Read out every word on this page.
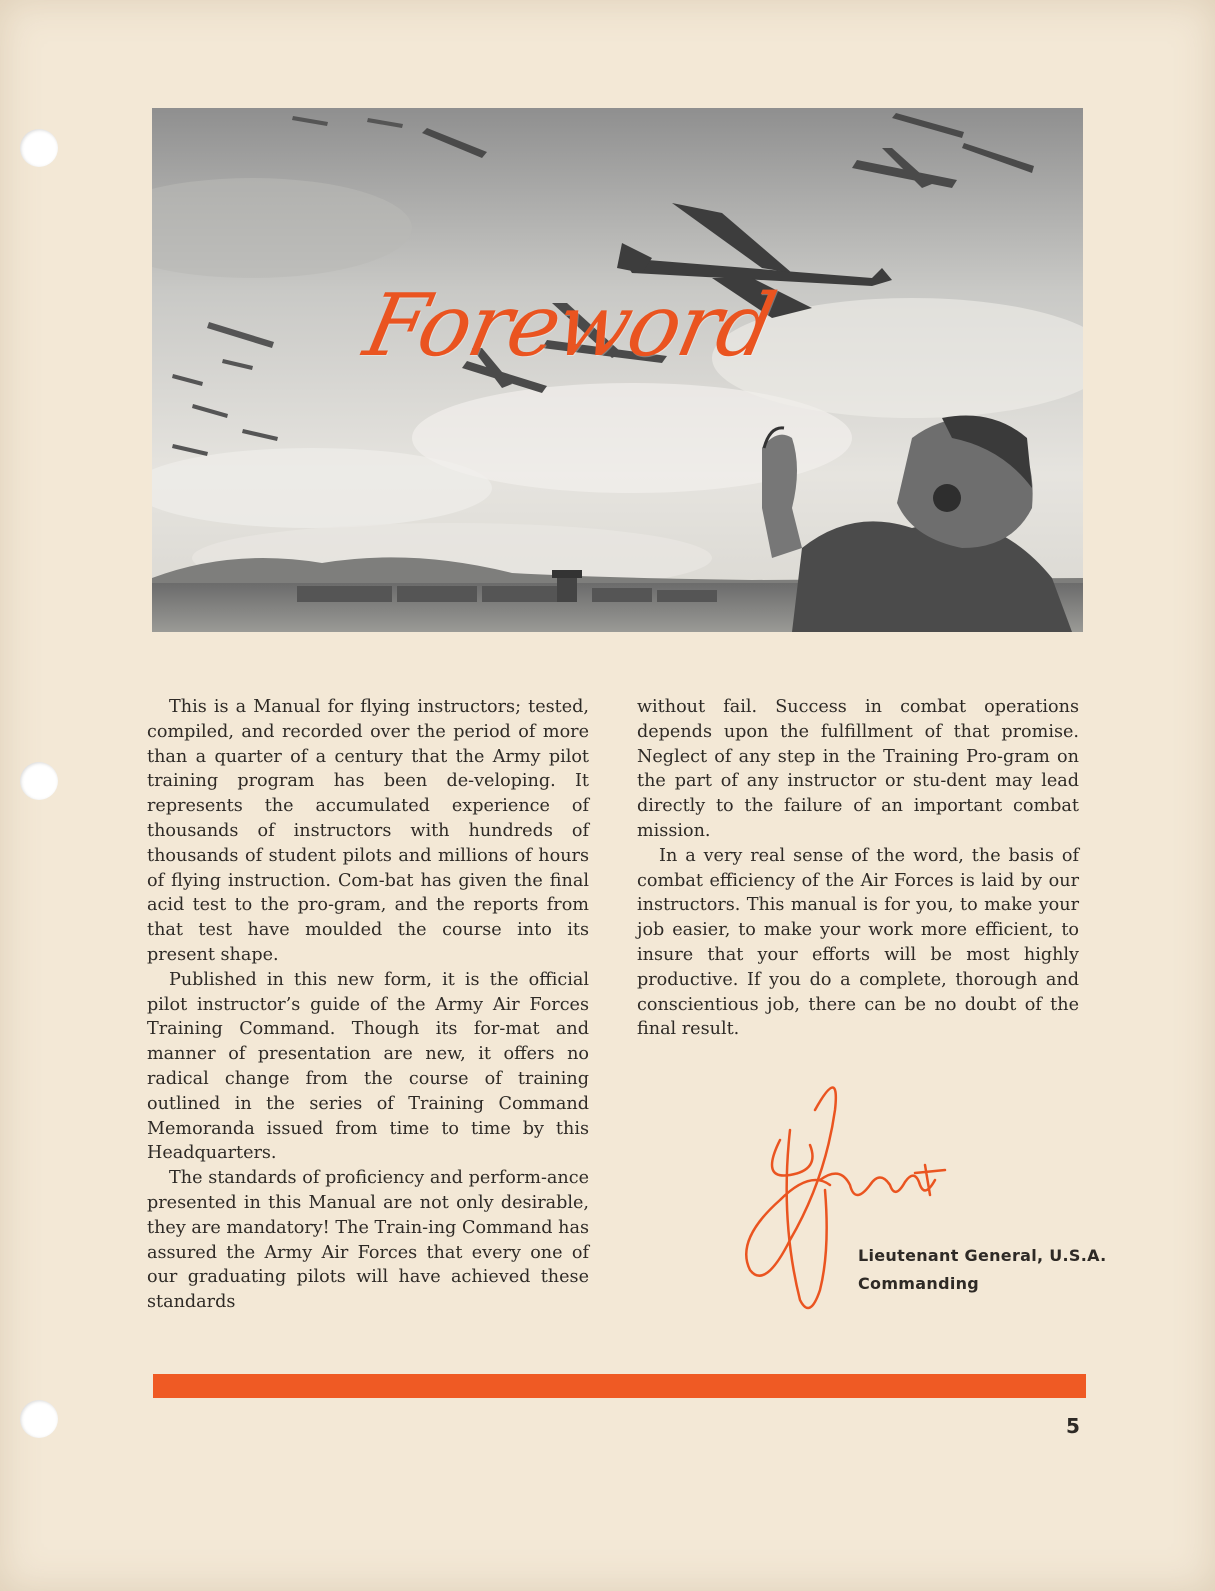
Foreword

This is a Manual for flying instructors; tested, compiled, and recorded over the period of more than a quarter of a century that the Army pilot training program has been de-veloping. It represents the accumulated experience of thousands of instructors with hundreds of thousands of student pilots and millions of hours of flying instruction. Com-bat has given the final acid test to the pro-gram, and the reports from that test have moulded the course into its present shape.

Published in this new form, it is the official pilot instructor’s guide of the Army Air Forces Training Command. Though its for-mat and manner of presentation are new, it offers no radical change from the course of training outlined in the series of Training Command Memoranda issued from time to time by this Headquarters.

The standards of proficiency and perform-ance presented in this Manual are not only desirable, they are mandatory! The Train-ing Command has assured the Army Air Forces that every one of our graduating pilots will have achieved these standards

without fail. Success in combat operations depends upon the fulfillment of that promise. Neglect of any step in the Training Pro-gram on the part of any instructor or stu-dent may lead directly to the failure of an important combat mission.

In a very real sense of the word, the basis of combat efficiency of the Air Forces is laid by our instructors. This manual is for you, to make your job easier, to make your work more efficient, to insure that your efforts will be most highly productive. If you do a complete, thorough and conscientious job, there can be no doubt of the final result.

Lieutenant General, U.S.A.
Commanding
5
